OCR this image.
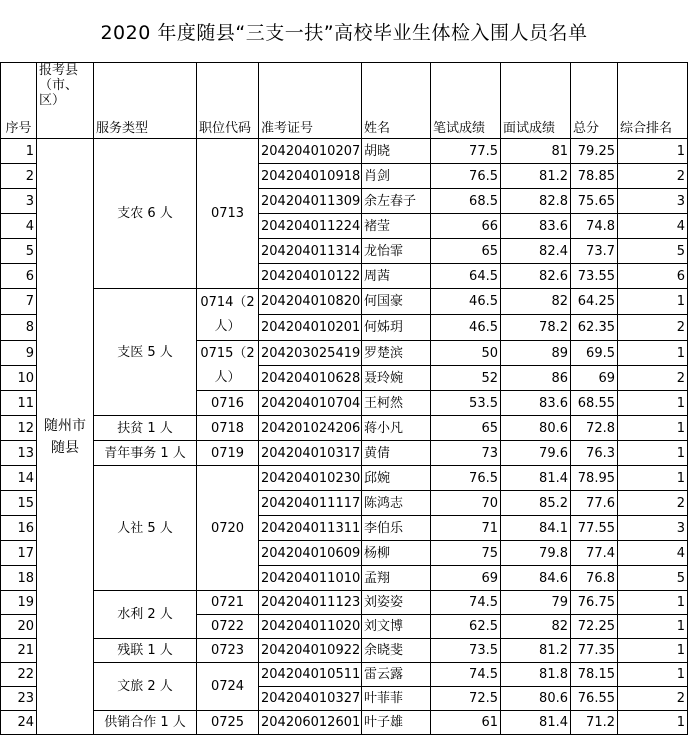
2020 年度随县“三支一扶”高校毕业生体检入围人员名单
序号	报考县（市、区）	服务类型	职位代码	准考证号	姓名	笔试成绩	面试成绩	总分	综合排名
1	随州市随县	支农 6 人	0713	204204010207	胡晓	77.5	81	79.25	1
2				204204010918	肖剑	76.5	81.2	78.85	2
3				204204011309	余左春子	68.5	82.8	75.65	3
4				204204011224	褚莹	66	83.6	74.8	4
5				204204011314	龙怡霏	65	82.4	73.7	5
6				204204010122	周茜	64.5	82.6	73.55	6
7		支医 5 人	0714（2人）	204204010820	何国豪	46.5	82	64.25	1
8				204204010201	何姊玥	46.5	78.2	62.35	2
9			0715（2人）	204203025419	罗楚滨	50	89	69.5	1
10				204204010628	聂玲婉	52	86	69	2
11			0716	204204010704	王柯然	53.5	83.6	68.55	1
12		扶贫 1 人	0718	204201024206	蒋小凡	65	80.6	72.8	1
13		青年事务 1 人	0719	204204010317	黄倩	73	79.6	76.3	1
14		人社 5 人	0720	204204010230	邱婉	76.5	81.4	78.95	1
15				204204011117	陈鸿志	70	85.2	77.6	2
16				204204011311	李伯乐	71	84.1	77.55	3
17				204204010609	杨柳	75	79.8	77.4	4
18				204204011010	孟翔	69	84.6	76.8	5
19		水利 2 人	0721	204204011123	刘姿姿	74.5	79	76.75	1
20			0722	204204011020	刘文博	62.5	82	72.25	1
21		残联 1 人	0723	204204010922	余晓斐	73.5	81.2	77.35	1
22		文旅 2 人	0724	204204010511	雷云露	74.5	81.8	78.15	1
23				204204010327	叶菲菲	72.5	80.6	76.55	2
24		供销合作 1 人	0725	204206012601	叶子雄	61	81.4	71.2	1
